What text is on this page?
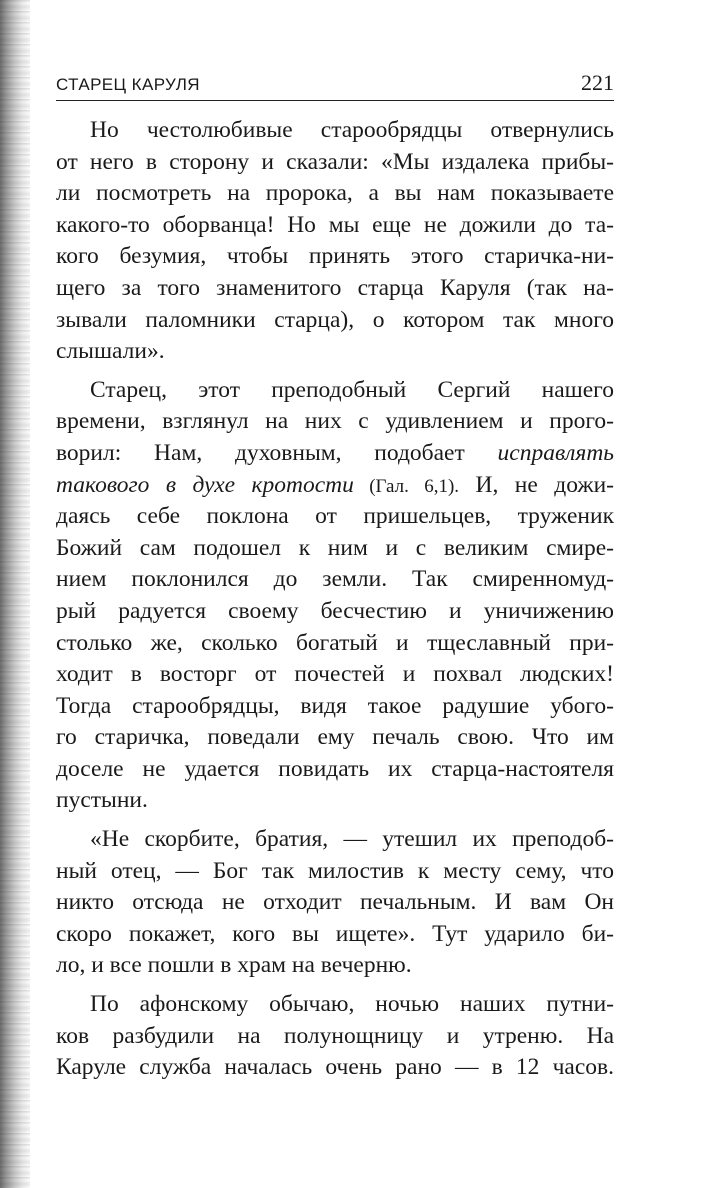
СТАРЕЦ КАРУЛЯ	221
Но честолюбивые старообрядцы отвернулись
от него в сторону и сказали: «Мы издалека прибы-
ли посмотреть на пророка, а вы нам показываете
какого-то оборванца! Но мы еще не дожили до та-
кого безумия, чтобы принять этого старичка-ни-
щего за того знаменитого старца Каруля (так на-
зывали паломники старца), о котором так много
слышали».
Старец, этот преподобный Сергий нашего
времени, взглянул на них с удивлением и прого-
ворил: Нам, духовным, подобает исправлять
такового в духе кротости (Гал. 6,1). И, не дожи-
даясь себе поклона от пришельцев, труженик
Божий сам подошел к ним и с великим смире-
нием поклонился до земли. Так смиренномуд-
рый радуется своему бесчестию и уничижению
столько же, сколько богатый и тщеславный при-
ходит в восторг от почестей и похвал людских!
Тогда старообрядцы, видя такое радушие убого-
го старичка, поведали ему печаль свою. Что им
доселе не удается повидать их старца-настоятеля
пустыни.
«Не скорбите, братия, — утешил их преподоб-
ный отец, — Бог так милостив к месту сему, что
никто отсюда не отходит печальным. И вам Он
скоро покажет, кого вы ищете». Тут ударило би-
ло, и все пошли в храм на вечерню.
По афонскому обычаю, ночью наших путни-
ков разбудили на полунощницу и утреню. На
Каруле служба началась очень рано — в 12 часов.
